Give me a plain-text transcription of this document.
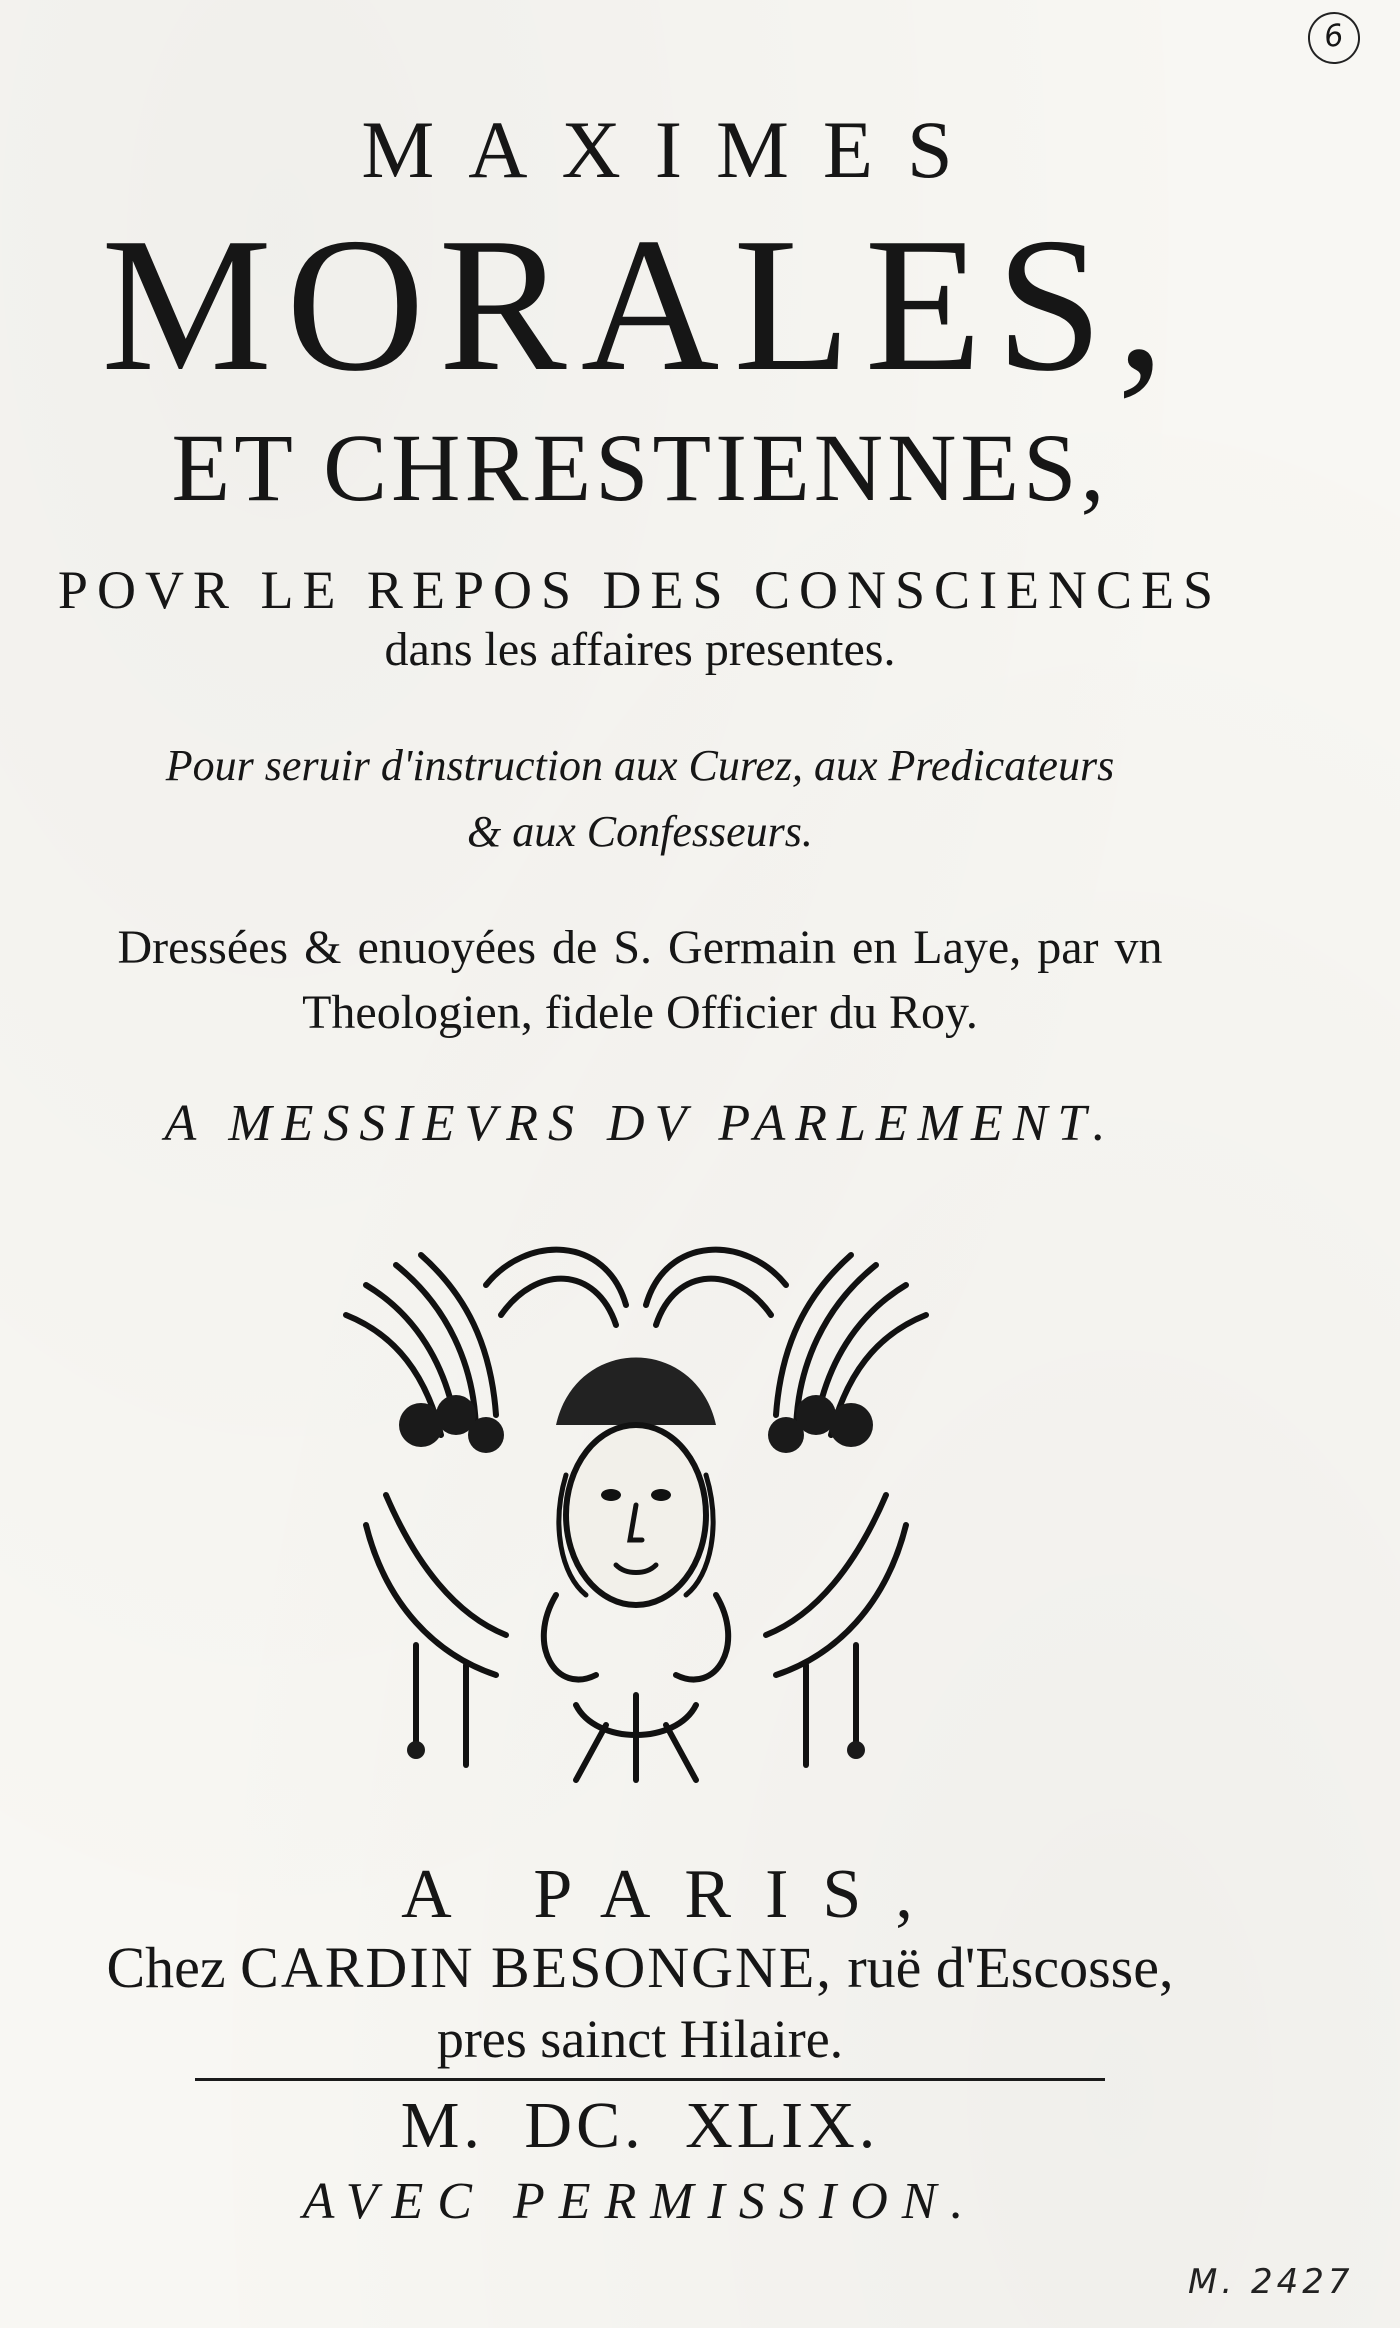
6
MAXIMES
MORALES,
ET CHRESTIENNES,
POVR LE REPOS DES CONSCIENCES
dans les affaires presentes.
Pour seruir d'instruction aux Curez, aux Predicateurs
& aux Confesseurs.
Dressées & enuoyées de S. Germain en Laye, par vn
Theologien, fidele Officier du Roy.
A MESSIEVRS DV PARLEMENT.
A PARIS,
Chez CARDIN BESONGNE, ruë d'Escosse,
pres sainct Hilaire.
M. DC. XLIX.
AVEC PERMISSION.
M. 2427
